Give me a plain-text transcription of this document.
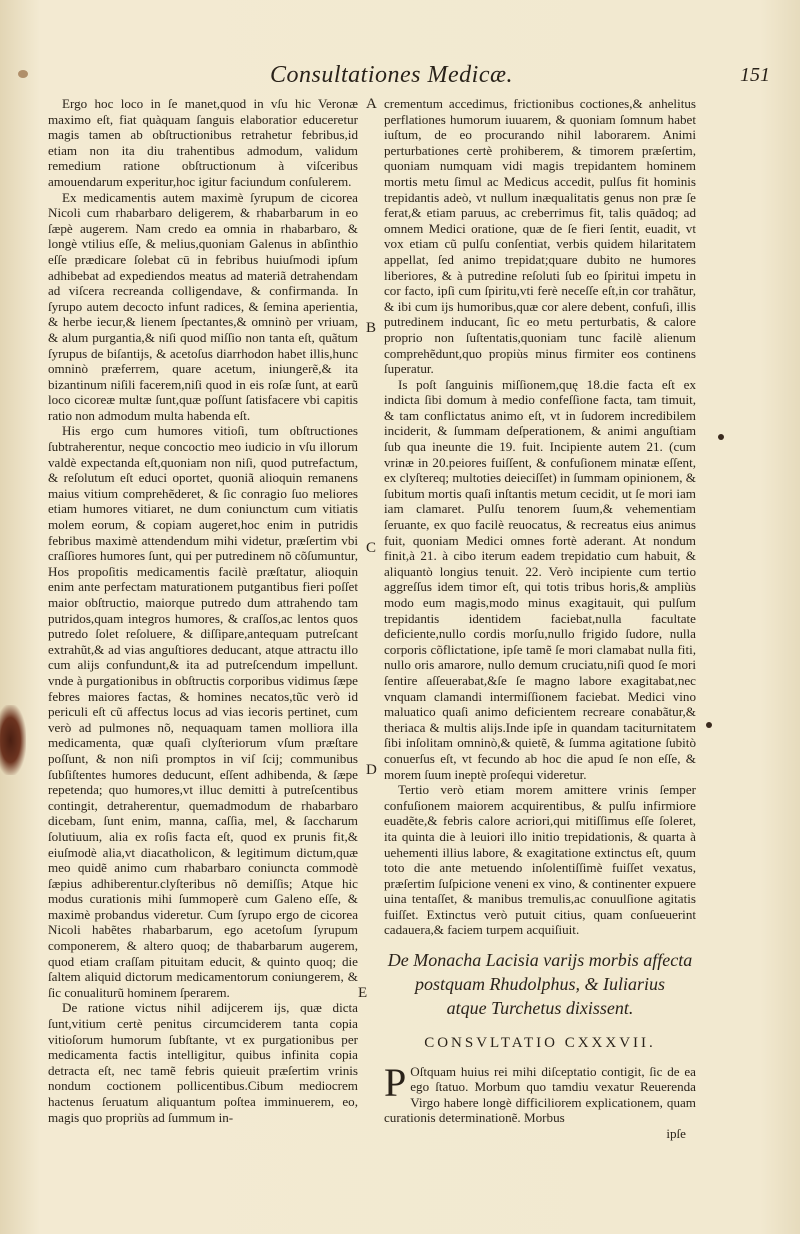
Consultationes Medicæ.	151

Ergo hoc loco in ſe manet,quod in vſu hic Veronæ maximo eſt, fiat quàquam ſanguis elaboratior educeretur magis tamen ab obſtructionibus retrahetur febribus,id etiam non ita diu trahentibus admodum, validum remedium ratione obſtructionum à viſceribus amouendarum experitur,hoc igitur faciundum conſulerem.

Ex medicamentis autem maximè ſyrupum de cicorea Nicoli cum rhabarbaro deligerem, & rhabarbarum in eo ſæpè augerem. Nam credo ea omnia in rhabarbaro, & longè vtilius eſſe, & melius,quoniam Galenus in abſinthio eſſe prædicare ſolebat cū in febribus huiuſmodi ipſum adhibebat ad expediendos meatus ad materiã detrahendam ad viſcera recreanda colligendave, & confirmanda. In ſyrupo autem decocto infunt radices, & ſemina aperientia, & herbe iecur,& lienem ſpectantes,& omninò per vriuam, & alum purgantia,& niſi quod miſſio non tanta eſt, quãtum ſyrupus de biſantijs, & acetoſus diarrhodon habet illis,hunc omninò præferrem, quare acetum, iniungerẽ,& ita bizantinum niſili facerem,niſi quod in eis roſæ ſunt, at earũ loco cicoreæ multæ ſunt,quæ poſſunt ſatisfacere vbi capitis ratio non admodum multa habenda eſt.

His ergo cum humores vitioſi, tum obſtructiones ſubtraherentur, neque concoctio meo iudicio in vſu illorum valdè expectanda eſt,quoniam non niſi, quod putrefactum, & reſolutum eſt educi oportet, quoniã alioquin remanens maius vitium comprehẽderet, & ſic conragio ſuo meliores etiam humores vitiaret, ne dum coniunctum cum vitiatis molem eorum, & copiam augeret,hoc enim in putridis febribus maximè attendendum mihi videtur, præſertim vbi craſſiores humores ſunt, qui per putredinem nõ cõſumuntur, Hos propoſitis medicamentis facilè præſtatur, alioquin enim ante perfectam maturationem putgantibus fieri poſſet maior obſtructio, maiorque putredo dum attrahendo tam putridos,quam integros humores, & craſſos,ac lentos quos putredo ſolet reſoluere, & diſſipare,antequam putreſcant extrahũt,& ad vias anguſtiores deducant, atque attractu illo cum alijs confundunt,& ita ad putreſcendum impellunt. vnde à purgationibus in obſtructis corporibus vidimus ſæpe febres maiores factas, & homines necatos,tũc verò id periculi eſt cũ affectus locus ad vias iecoris pertinet, cum verò ad pulmones nõ, nequaquam tamen molliora illa medicamenta, quæ quaſi clyſteriorum vſum præſtare poſſunt, & non niſi promptos in viſ ſcij; communibus ſubſiſtentes humores deducunt, eſſent adhibenda, & ſæpe repetenda; quo humores,vt illuc demitti à putreſcentibus contingit, detraherentur, quemadmodum de rhabarbaro dicebam, ſunt enim, manna, caſſia, mel, & ſaccharum ſolutiuum, alia ex roſis facta eſt, quod ex prunis fit,& eiuſmodè alia,vt diacatholicon, & legitimum dictum,quæ meo quidẽ animo cum rhabarbaro coniuncta commodè ſæpius adhiberentur.clyſteribus nõ demiſſis; Atque hic modus curationis mihi ſummoperè cum Galeno eſſe, & maximè probandus videretur. Cum ſyrupo ergo de cicorea Nicoli habẽtes rhabarbarum, ego acetoſum ſyrupum componerem, & altero quoq; de thabarbarum augerem, quod etiam craſſam pituitam educit, & quinto quoq; die ſaltem aliquid dictorum medicamentorum coniungerem, & ſic conualiturũ hominem ſperarem.

De ratione victus nihil adijcerem ijs, quæ dicta ſunt,vitium certè penitus circumciderem tanta copia vitioſorum humorum ſubſtante, vt ex purgationibus per medicamenta factis intelligitur, quibus infinita copia detracta eſt, nec tamẽ febris quieuit præſertim vrinis nondum coctionem pollicentibus.Cibum mediocrem hactenus ſeruatum aliquantum poſtea imminuerem, eo, magis quo propriùs ad ſummum in-

A
B
C
D
E

crementum accedimus, frictionibus coctiones,& anhelitus perflationes humorum iuuarem, & quoniam ſomnum habet iuſtum, de eo procurando nihil laborarem. Animi perturbationes certè prohiberem, & timorem præſertim, quoniam numquam vidi magis trepidantem hominem mortis metu ſimul ac Medicus accedit, pulſus fit hominis trepidantis adeò, vt nullum inæqualitatis genus non præ ſe ferat,& etiam paruus, ac creberrimus fit, talis quādoq; ad omnem Medici oratione, quæ de ſe fieri ſentit, euadit, vt vox etiam cũ pulſu conſentiat, verbis quidem hilaritatem appellat, ſed animo trepidat;quare dubito ne humores liberiores, & à putredine reſoluti ſub eo ſpiritui impetu in cor facto, ipſi cum ſpiritu,vti ferè neceſſe eſt,in cor trahãtur, & ibi cum ijs humoribus,quæ cor alere debent, confuſi, illis putredinem inducant, ſic eo metu perturbatis, & calore proprio non ſuſtentatis,quoniam tunc facilè alienum comprehẽdunt,quo propiùs minus firmiter eos continens ſuperatur.

Is poſt ſanguinis miſſionem,quę 18.die facta eſt ex indicta ſibi domum à medio confeſſione facta, tam timuit, & tam conflictatus animo eſt, vt in ſudorem incredibilem inciderit, & ſummam deſperationem, & animi anguſtiam ſub qua ineunte die 19. fuit. Incipiente autem 21. (cum vrinæ in 20.peiores fuiſſent, & confuſionem minatæ eſſent, ex clyſtereq; multoties deieciſſet) in ſummam opinionem, & ſubitum mortis quaſi inſtantis metum cecidit, ut ſe mori iam iam clamaret. Pulſu tenorem ſuum,& vehementiam ſeruante, ex quo facilè reuocatus, & recreatus eius animus fuit, quoniam Medici omnes fortè aderant. At nondum finit,à 21. à cibo iterum eadem trepidatio cum habuit, & aliquantò longius tenuit. 22. Verò incipiente cum tertio aggreſſus idem timor eſt, qui totis tribus horis,& ampliùs modo eum magis,modo minus exagitauit, qui pulſum trepidantis identidem faciebat,nulla facultate deficiente,nullo cordis morſu,nullo frigido ſudore, nulla corporis cõflictatione, ipſe tamẽ ſe mori clamabat nulla fiti, nullo oris amarore, nullo demum cruciatu,niſi quod ſe mori ſentire aſſeuerabat,&ſe ſe magno labore exagitabat,nec vnquam clamandi intermiſſionem faciebat. Medici vino maluatico quaſi animo deficientem recreare conabãtur,& theriaca & multis alijs.Inde ipſe in quandam taciturnitatem ſibi inſolitam omninò,& quietẽ, & ſumma agitatione ſubitò conuerſus eſt, vt fecundo ab hoc die apud ſe non eſſe, & morem ſuum ineptè proſequi videretur.

Tertio verò etiam morem amittere vrinis ſemper confuſionem maiorem acquirentibus, & pulſu infirmiore euadẽte,& febris calore acriori,qui mitiſſimus eſſe ſoleret, ita quinta die à leuiori illo initio trepidationis, & quarta à uehementi illius labore, & exagitatione extinctus eſt, quum toto die ante metuendo inſolentiſſimè fuiſſet vexatus, præſertim ſuſpicione veneni ex vino, & continenter expuere uina tentaſſet, & manibus tremulis,ac conuulſione agitatis fuiſſet. Extinctus verò putuit citius, quam conſueuerint cadauera,& faciem turpem acquiſiuit.

De Monacha Lacisia varijs morbis affecta
postquam Rhudolphus, & Iuliarius
atque Turchetus dixissent.
CONSVLTATIO CXXXVII.

P Oſtquam huius rei mihi diſceptatio contigit, ſic de ea ego ſtatuo. Morbum quo tamdiu vexatur Reuerenda Virgo habere longè difficiliorem explicationem, quam curationis determinationẽ. Morbus

ipſe
